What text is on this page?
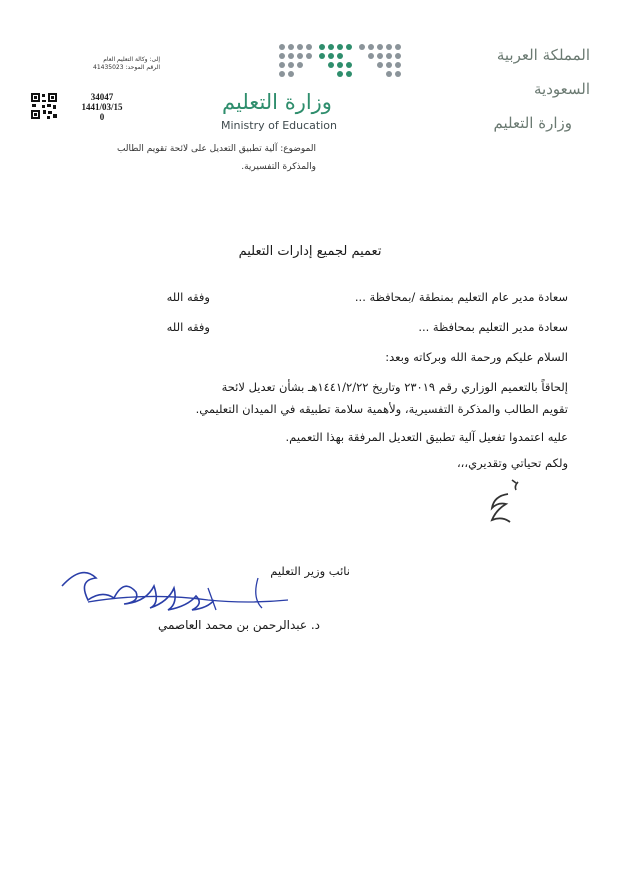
المملكة العربية السعودية
وزارة التعليم
وزارة التعليم
Ministry of Education
إلى: وكالة التعليم العام
الرقم الموحد: 41435023
34047
1441/03/15
0
الموضوع: آلية تطبيق التعديل على لائحة تقويم الطالب
والمذكرة التفسيرية.
تعميم لجميع إدارات التعليم
سعادة مدير عام التعليم بمنطقة /بمحافظة ...
وفقه الله
سعادة مدير التعليم بمحافظة ...
وفقه الله
السلام عليكم ورحمة الله وبركاته وبعد:
إلحاقاً بالتعميم الوزاري رقم ٢٣٠١٩ وتاريخ ١٤٤١/٢/٢٢هـ بشأن تعديل لائحة
تقويم الطالب والمذكرة التفسيرية، ولأهمية سلامة تطبيقه في الميدان التعليمي.
عليه اعتمدوا تفعيل آلية تطبيق التعديل المرفقة بهذا التعميم.
ولكم تحياتي وتقديري،،،
نائب وزير التعليم
د. عبدالرحمن بن محمد العاصمي
